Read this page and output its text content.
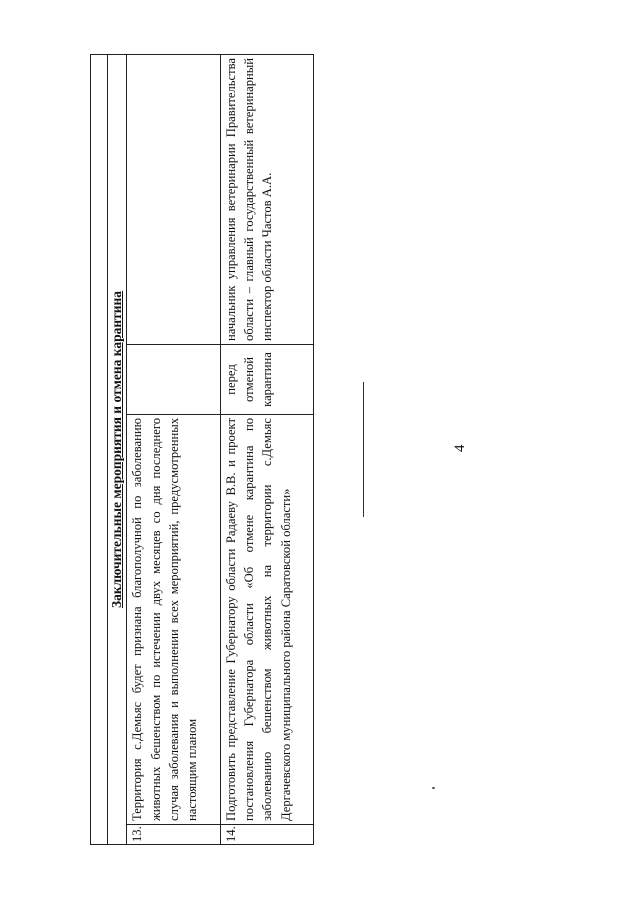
4

Заключительные мероприятия и отмена карантина			
13.	Территория с.Демьяс будет признана благополучной по заболеванию животных бешенством по истечении двух месяцев со дня последнего случая заболевания и выполнении всех мероприятий, предусмотренных настоящим планом		
14.	Подготовить представление Губернатору области Радаеву В.В. и проект постановления Губернатора области «Об отмене карантина по заболеванию бешенством животных на территории с.Демьяс Дергачевского муниципального района Саратовской области»	перед отменой карантина	начальник управления ветеринарии Правительства области – главный государственный ветеринарный инспектор области Частов А.А.
